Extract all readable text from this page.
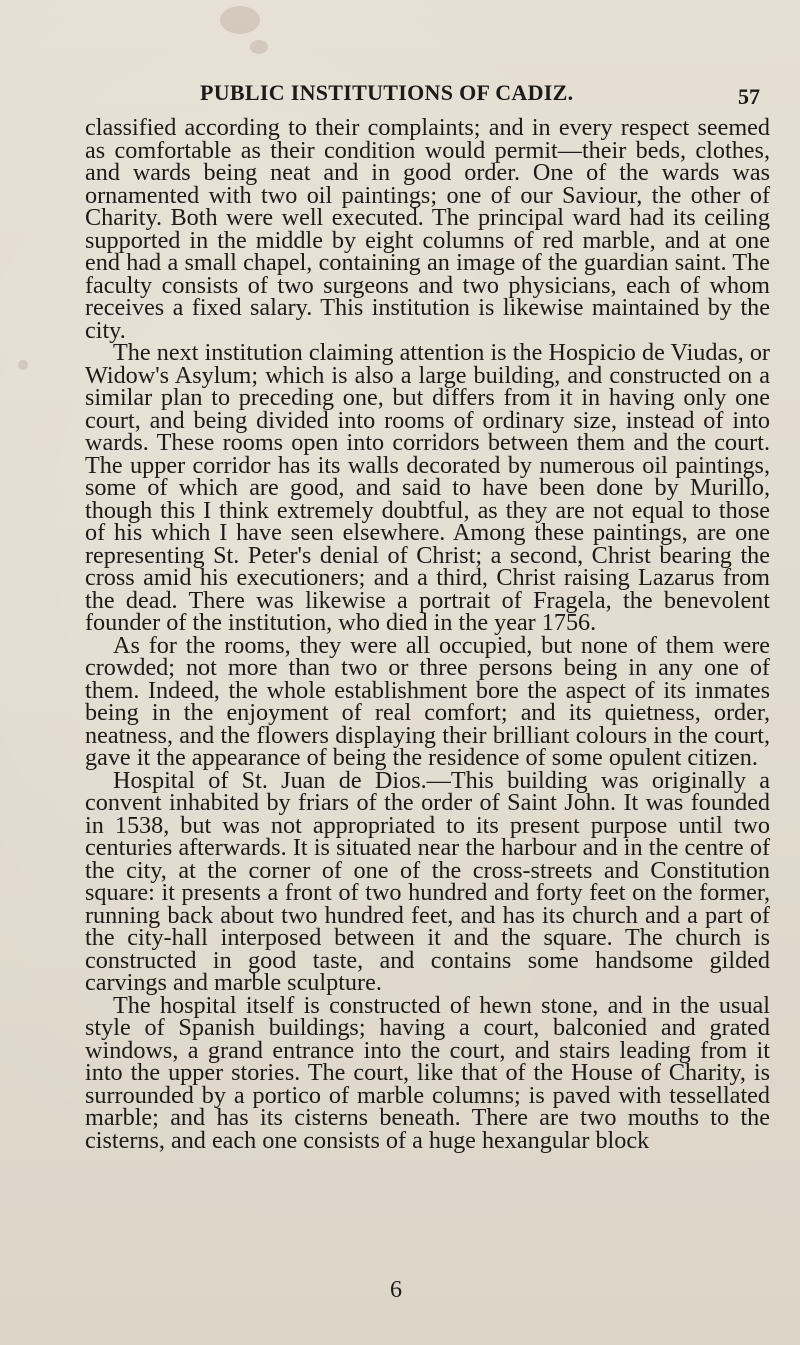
PUBLIC INSTITUTIONS OF CADIZ.	57

classified according to their complaints; and in every respect seemed as comfortable as their condition would permit—their beds, clothes, and wards being neat and in good order. One of the wards was ornamented with two oil paintings; one of our Saviour, the other of Charity. Both were well executed. The principal ward had its ceiling supported in the middle by eight columns of red marble, and at one end had a small chapel, containing an image of the guardian saint. The faculty consists of two surgeons and two physicians, each of whom receives a fixed salary. This institution is likewise maintained by the city.

The next institution claiming attention is the Hospicio de Viudas, or Widow's Asylum; which is also a large building, and constructed on a similar plan to preceding one, but differs from it in having only one court, and being divided into rooms of ordinary size, instead of into wards. These rooms open into corridors between them and the court. The upper corridor has its walls decorated by numerous oil paintings, some of which are good, and said to have been done by Murillo, though this I think extremely doubtful, as they are not equal to those of his which I have seen elsewhere. Among these paintings, are one representing St. Peter's denial of Christ; a second, Christ bearing the cross amid his executioners; and a third, Christ raising Lazarus from the dead. There was likewise a portrait of Fragela, the benevolent founder of the institution, who died in the year 1756.

As for the rooms, they were all occupied, but none of them were crowded; not more than two or three persons being in any one of them. Indeed, the whole establishment bore the aspect of its inmates being in the enjoyment of real comfort; and its quietness, order, neatness, and the flowers displaying their brilliant colours in the court, gave it the appearance of being the residence of some opulent citizen.

Hospital of St. Juan de Dios.—This building was originally a convent inhabited by friars of the order of Saint John. It was founded in 1538, but was not appropriated to its present purpose until two centuries afterwards. It is situated near the harbour and in the centre of the city, at the corner of one of the cross-streets and Constitution square: it presents a front of two hundred and forty feet on the former, running back about two hundred feet, and has its church and a part of the city-hall interposed between it and the square. The church is constructed in good taste, and contains some handsome gilded carvings and marble sculpture.

The hospital itself is constructed of hewn stone, and in the usual style of Spanish buildings; having a court, balconied and grated windows, a grand entrance into the court, and stairs leading from it into the upper stories. The court, like that of the House of Charity, is surrounded by a portico of marble columns; is paved with tessellated marble; and has its cisterns beneath. There are two mouths to the cisterns, and each one consists of a huge hexangular block

6
